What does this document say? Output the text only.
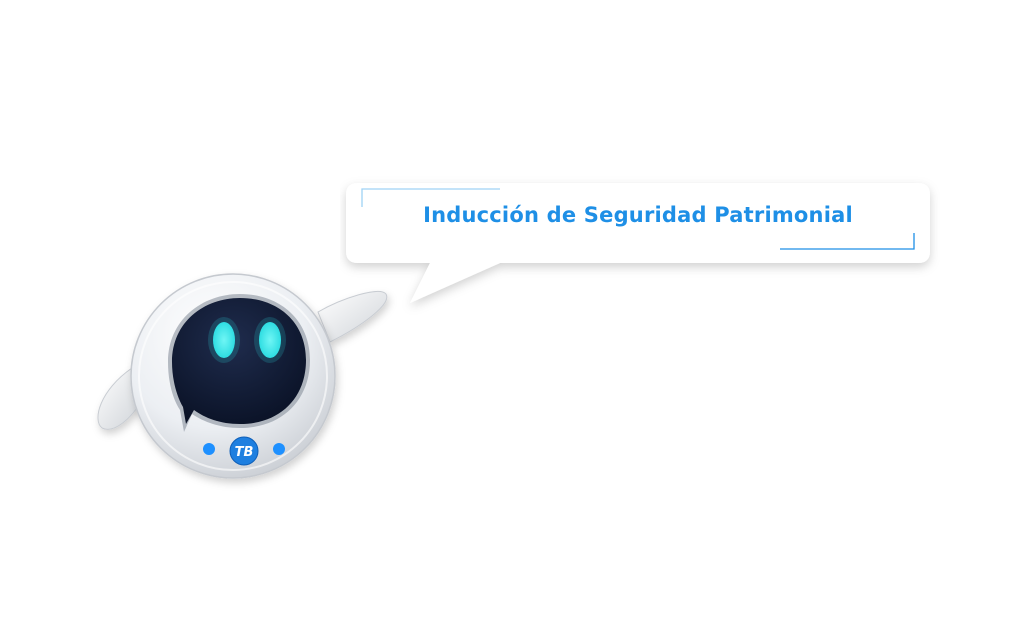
TB
Inducción de Seguridad Patrimonial
